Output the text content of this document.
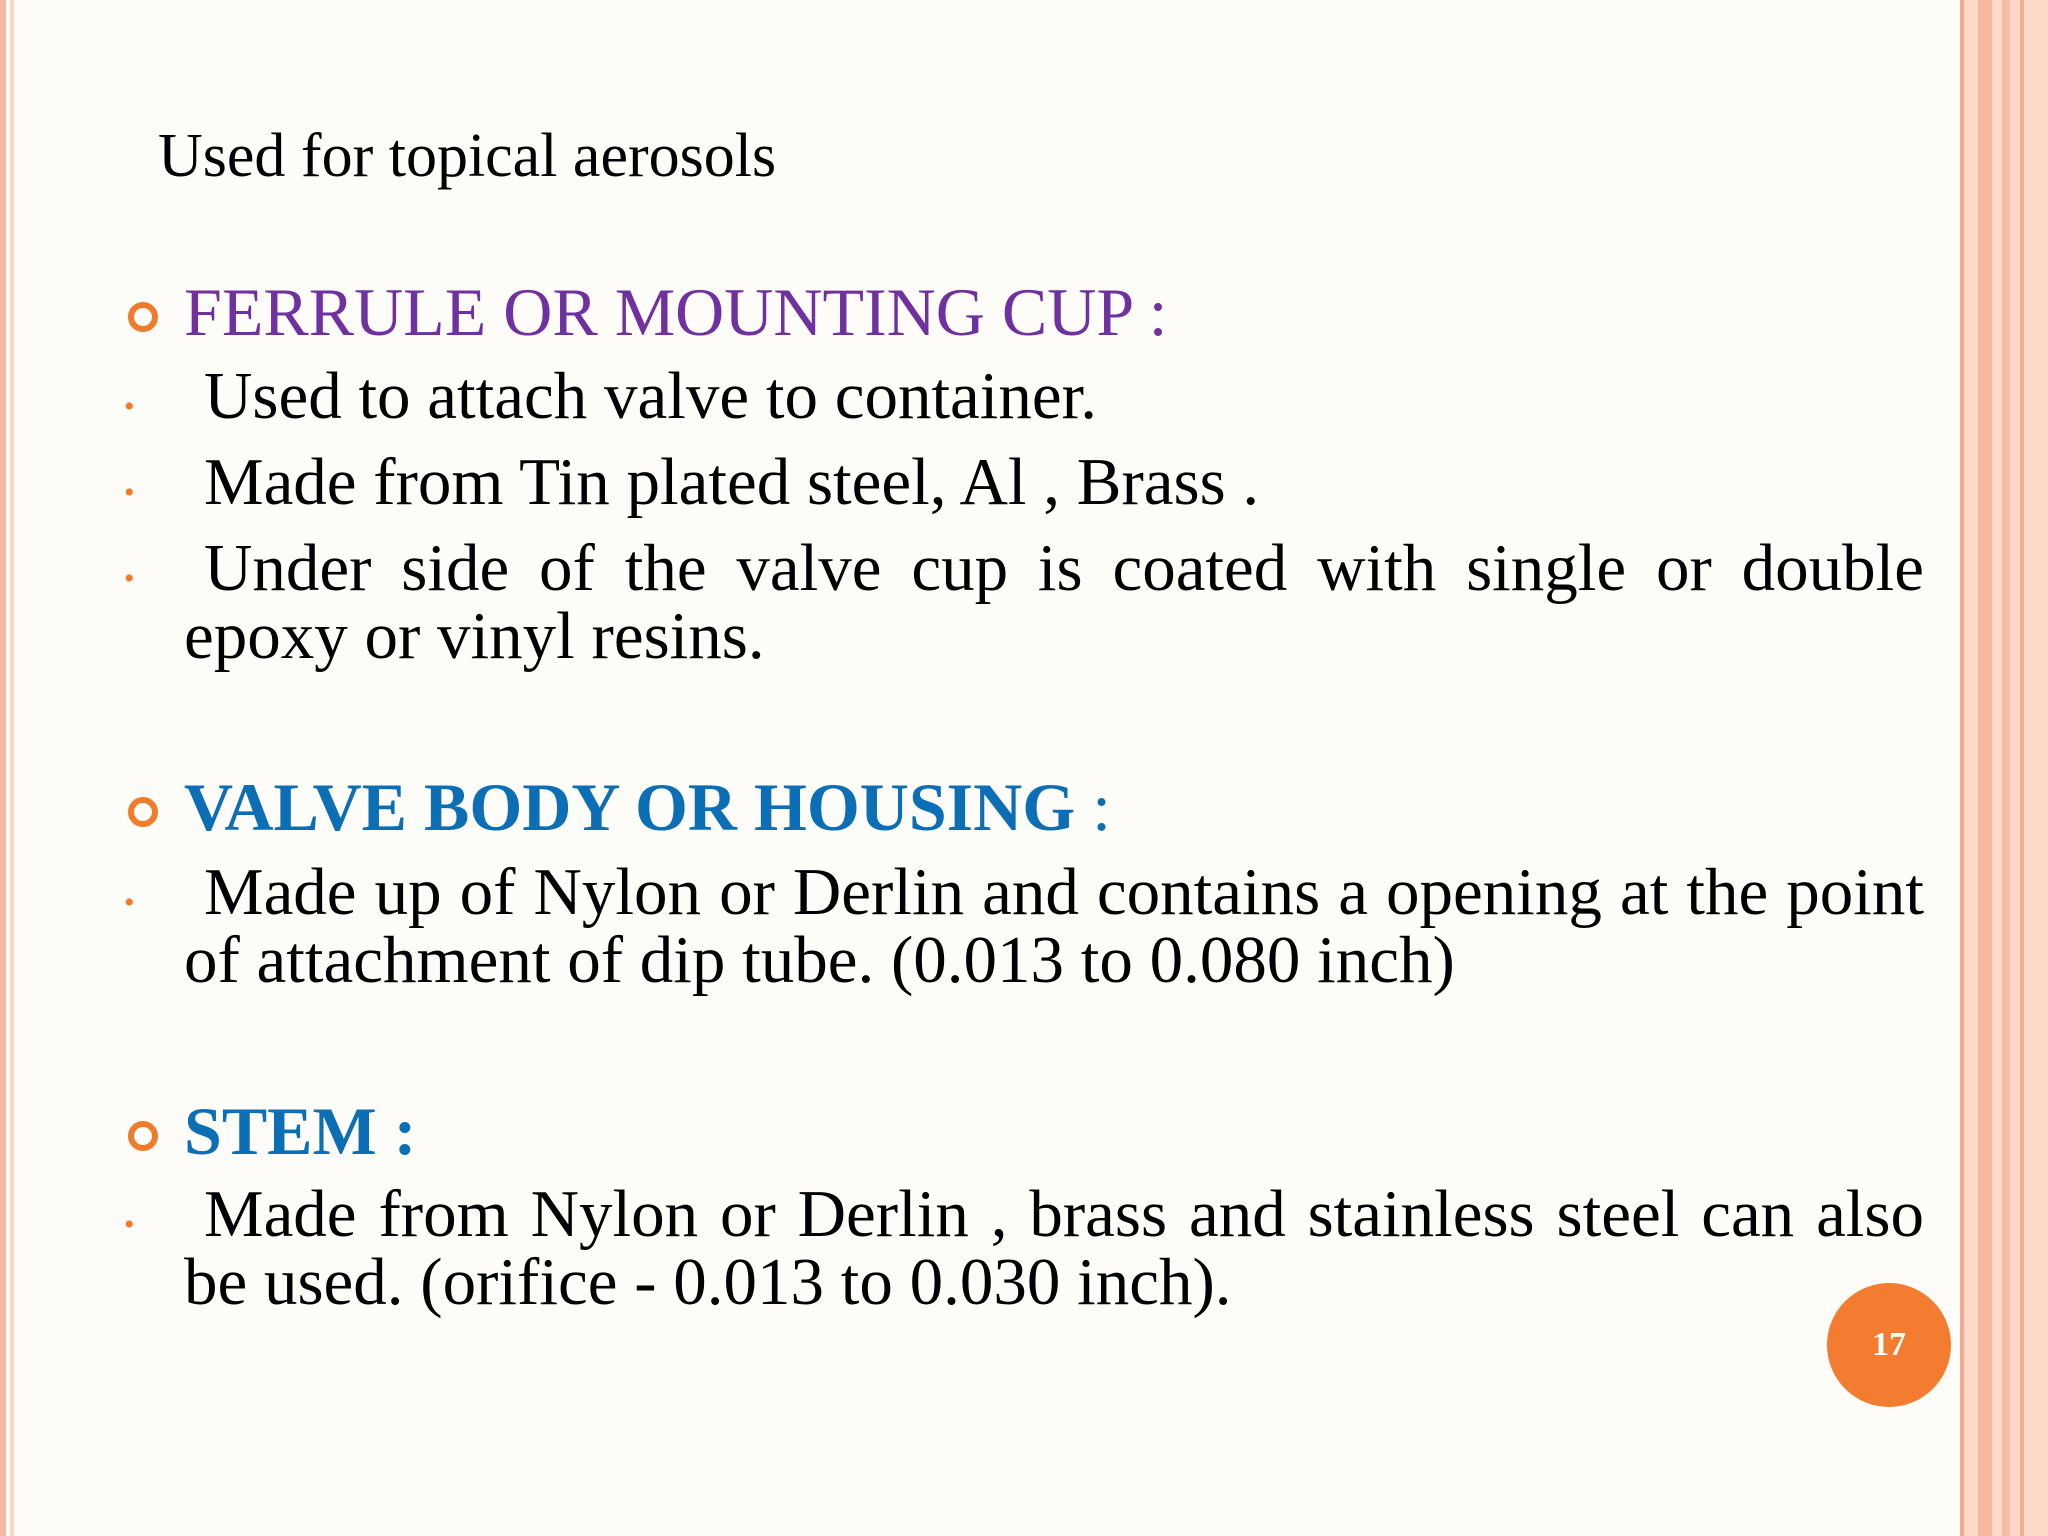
Used for topical aerosols
FERRULE OR MOUNTING CUP :
• Used to attach valve to container.
• Made from Tin plated steel, Al , Brass .
• Under side of the valve cup is coated with single or double epoxy or vinyl resins.
VALVE BODY OR HOUSING :
• Made up of Nylon or Derlin and contains a opening at the point of attachment of dip tube. (0.013 to 0.080 inch)
STEM :
• Made from Nylon or Derlin , brass and stainless steel can also be used. (orifice - 0.013 to 0.030 inch).
17
